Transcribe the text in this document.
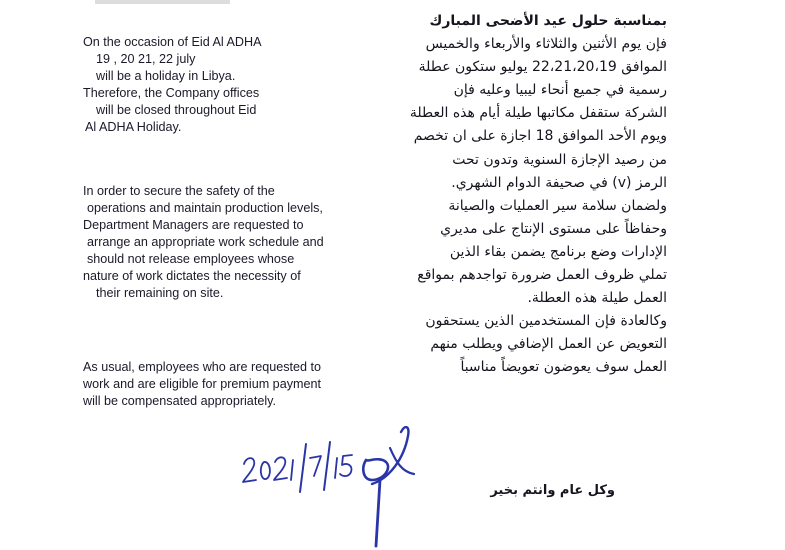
On the occasion of Eid Al ADHA
19 , 20 21, 22 july
will be a holiday in Libya.
Therefore, the Company offices
will be closed throughout Eid
Al ADHA Holiday.
In order to secure the safety of the
operations and maintain production levels,
Department Managers are requested to
arrange an appropriate work schedule and
should not release employees whose
nature of work dictates the necessity of
their remaining on site.
As usual, employees who are requested to
work and are eligible for premium payment
will be compensated appropriately.
بمناسبة حلول عيد الأضحى المبارك
فإن يوم الأثنين والثلاثاء والأربعاء والخميس
الموافق 22،21،20،19 يوليو ستكون عطلة
رسمية في جميع أنحاء ليبيا وعليه فإن
الشركة ستقفل مكاتبها طيلة أيام هذه العطلة
ويوم الأحد الموافق 18 اجازة على ان تخصم
من رصيد الإجازة السنوية وتدون تحت
الرمز (v) في صحيفة الدوام الشهري.
ولضمان سلامة سير العمليات والصيانة
وحفاظاً على مستوى الإنتاج على مديري
الإدارات وضع برنامج يضمن بقاء الذين
تملي ظروف العمل ضرورة تواجدهم بمواقع
العمل طيلة هذه العطلة.
وكالعادة فإن المستخدمين الذين يستحقون
التعويض عن العمل الإضافي ويطلب منهم
العمل سوف يعوضون تعويضاً مناسباً
وكل عام وانتم بخير
